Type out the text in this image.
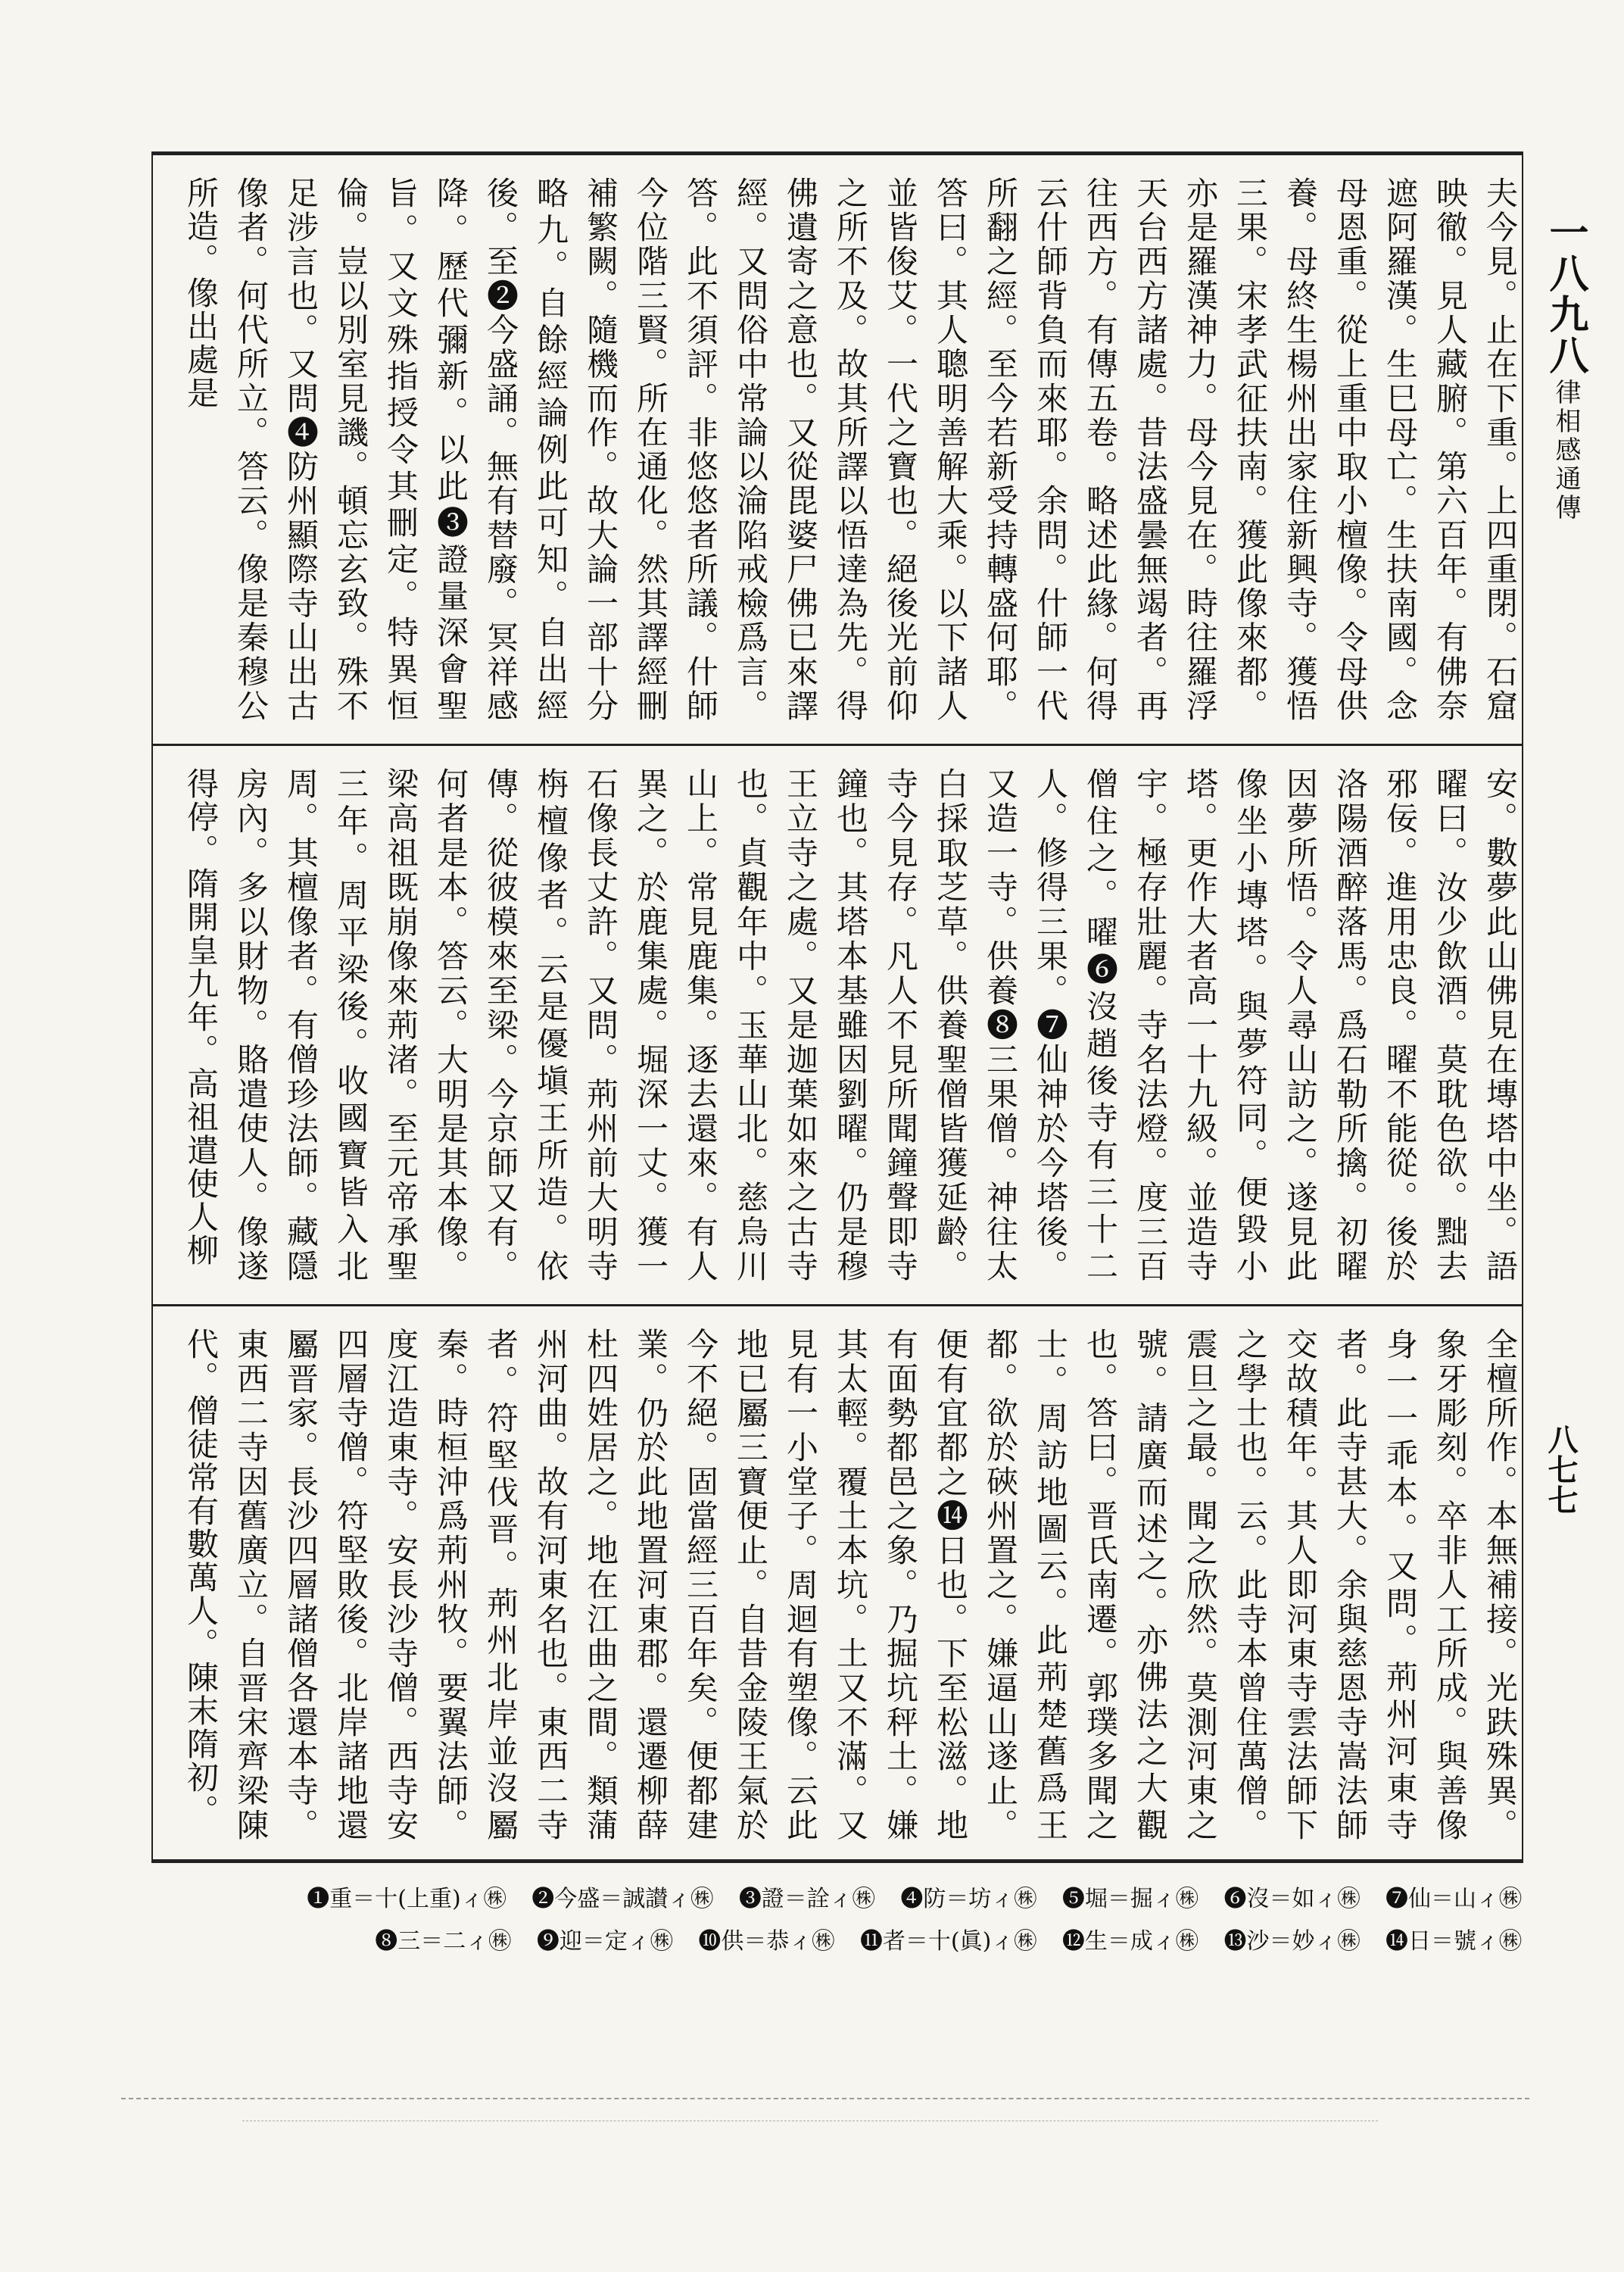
一八九八
律相感通傳
八七七
夫今見。止在下重。上四重閉。石窟映徹。見人藏腑。第六百年。有佛奈遮阿羅漢。生巳母亡。生扶南國。念母恩重。從上重中取小檀像。令母供養。母終生楊州出家住新興寺。獲悟三果。宋孝武征扶南。獲此像來都。亦是羅漢神力。母今見在。時往羅浮天台西方諸處。昔法盛曇無竭者。再往西方。有傳五卷。略述此緣。何得云什師背負而來耶。余問。什師一代所翻之經。至今若新受持轉盛何耶。答曰。其人聰明善解大乘。以下諸人並皆俊艾。一代之寶也。絕後光前仰之所不及。故其所譯以悟達為先。得佛遺寄之意也。又從毘婆尸佛已來譯經。又問俗中常論以淪陷戒檢爲言。答。此不須評。非悠悠者所議。什師今位階三賢。所在通化。然其譯經刪補繁闕。隨機而作。故大論一部十分略九。自餘經論例此可知。自出經後。至❷今盛誦。無有替廢。冥祥感降。歷代彌新。以此❸證量深會聖旨。又文殊指授令其刪定。特異恒倫。豈以別室見譏。頓忘玄致。殊不足涉言也。又問❹防州顯際寺山出古像者。何代所立。答云。像是秦穆公所造。像出處是
安。數夢此山佛見在塼塔中坐。語曜曰。汝少飲酒。莫耽色欲。黜去邪佞。進用忠良。曜不能從。後於洛陽酒醉落馬。爲石勒所擒。初曜因夢所悟。令人尋山訪之。遂見此像坐小塼塔。與夢符同。便毀小塔。更作大者高一十九級。並造寺宇。極存壯麗。寺名法燈。度三百僧住之。曜❻沒趙後寺有三十二人。修得三果。❼仙神於今塔後。又造一寺。供養❽三果僧。神往太白採取芝草。供養聖僧皆獲延齡。寺今見存。凡人不見所聞鐘聲即寺鐘也。其塔本基雖因劉曜。仍是穆王立寺之處。又是迦葉如來之古寺也。貞觀年中。玉華山北。慈烏川山上。常見鹿集。逐去還來。有人異之。於鹿集處。堀深一丈。獲一石像長丈許。又問。荊州前大明寺栴檀像者。云是優塡王所造。依傳。從彼模來至梁。今京師又有。何者是本。答云。大明是其本像。梁高祖既崩像來荊渚。至元帝承聖三年。周平梁後。收國寶皆入北周。其檀像者。有僧珍法師。藏隱房內。多以財物。賂遣使人。像遂得停。隋開皇九年。高祖遣使人柳
全檀所作。本無補接。光趺殊異。象牙彫刻。卒非人工所成。與善像身一一乖本。又問。荊州河東寺者。此寺甚大。余與慈恩寺嵩法師交故積年。其人即河東寺雲法師下之學士也。云。此寺本曾住萬僧。震旦之最。聞之欣然。莫測河東之號。請廣而述之。亦佛法之大觀也。答曰。晋氏南遷。郭璞多聞之士。周訪地圖云。此荊楚舊爲王都。欲於硤州置之。嫌逼山遂止。便有宜都之⓮日也。下至松滋。地有面勢都邑之象。乃掘坑秤土。嫌其太輕。覆土本坑。土又不滿。又見有一小堂子。周迴有塑像。云此地已屬三寶便止。自昔金陵王氣於今不絕。固當經三百年矣。便都建業。仍於此地置河東郡。還遷柳薛杜四姓居之。地在江曲之間。類蒲州河曲。故有河東名也。東西二寺者。符堅伐晋。荊州北岸並沒屬秦。時桓沖爲荊州牧。要翼法師。度江造東寺。安長沙寺僧。西寺安四層寺僧。符堅敗後。北岸諸地還屬晋家。長沙四層諸僧各還本寺。東西二寺因舊廣立。自晋宋齊梁陳代。僧徒常有數萬人。陳末隋初。
❶重＝十(上重)ィ㊑ ❷今盛＝誠讃ィ㊑ ❸證＝詮ィ㊑ ❹防＝坊ィ㊑ ❺堀＝掘ィ㊑ ❻沒＝如ィ㊑ ❼仙＝山ィ㊑ ❽三＝二ィ㊑ ❾迎＝定ィ㊑ ❿供＝恭ィ㊑ ⓫者＝十(眞)ィ㊑ ⓬生＝成ィ㊑ ⓭沙＝妙ィ㊑ ⓮日＝號ィ㊑
